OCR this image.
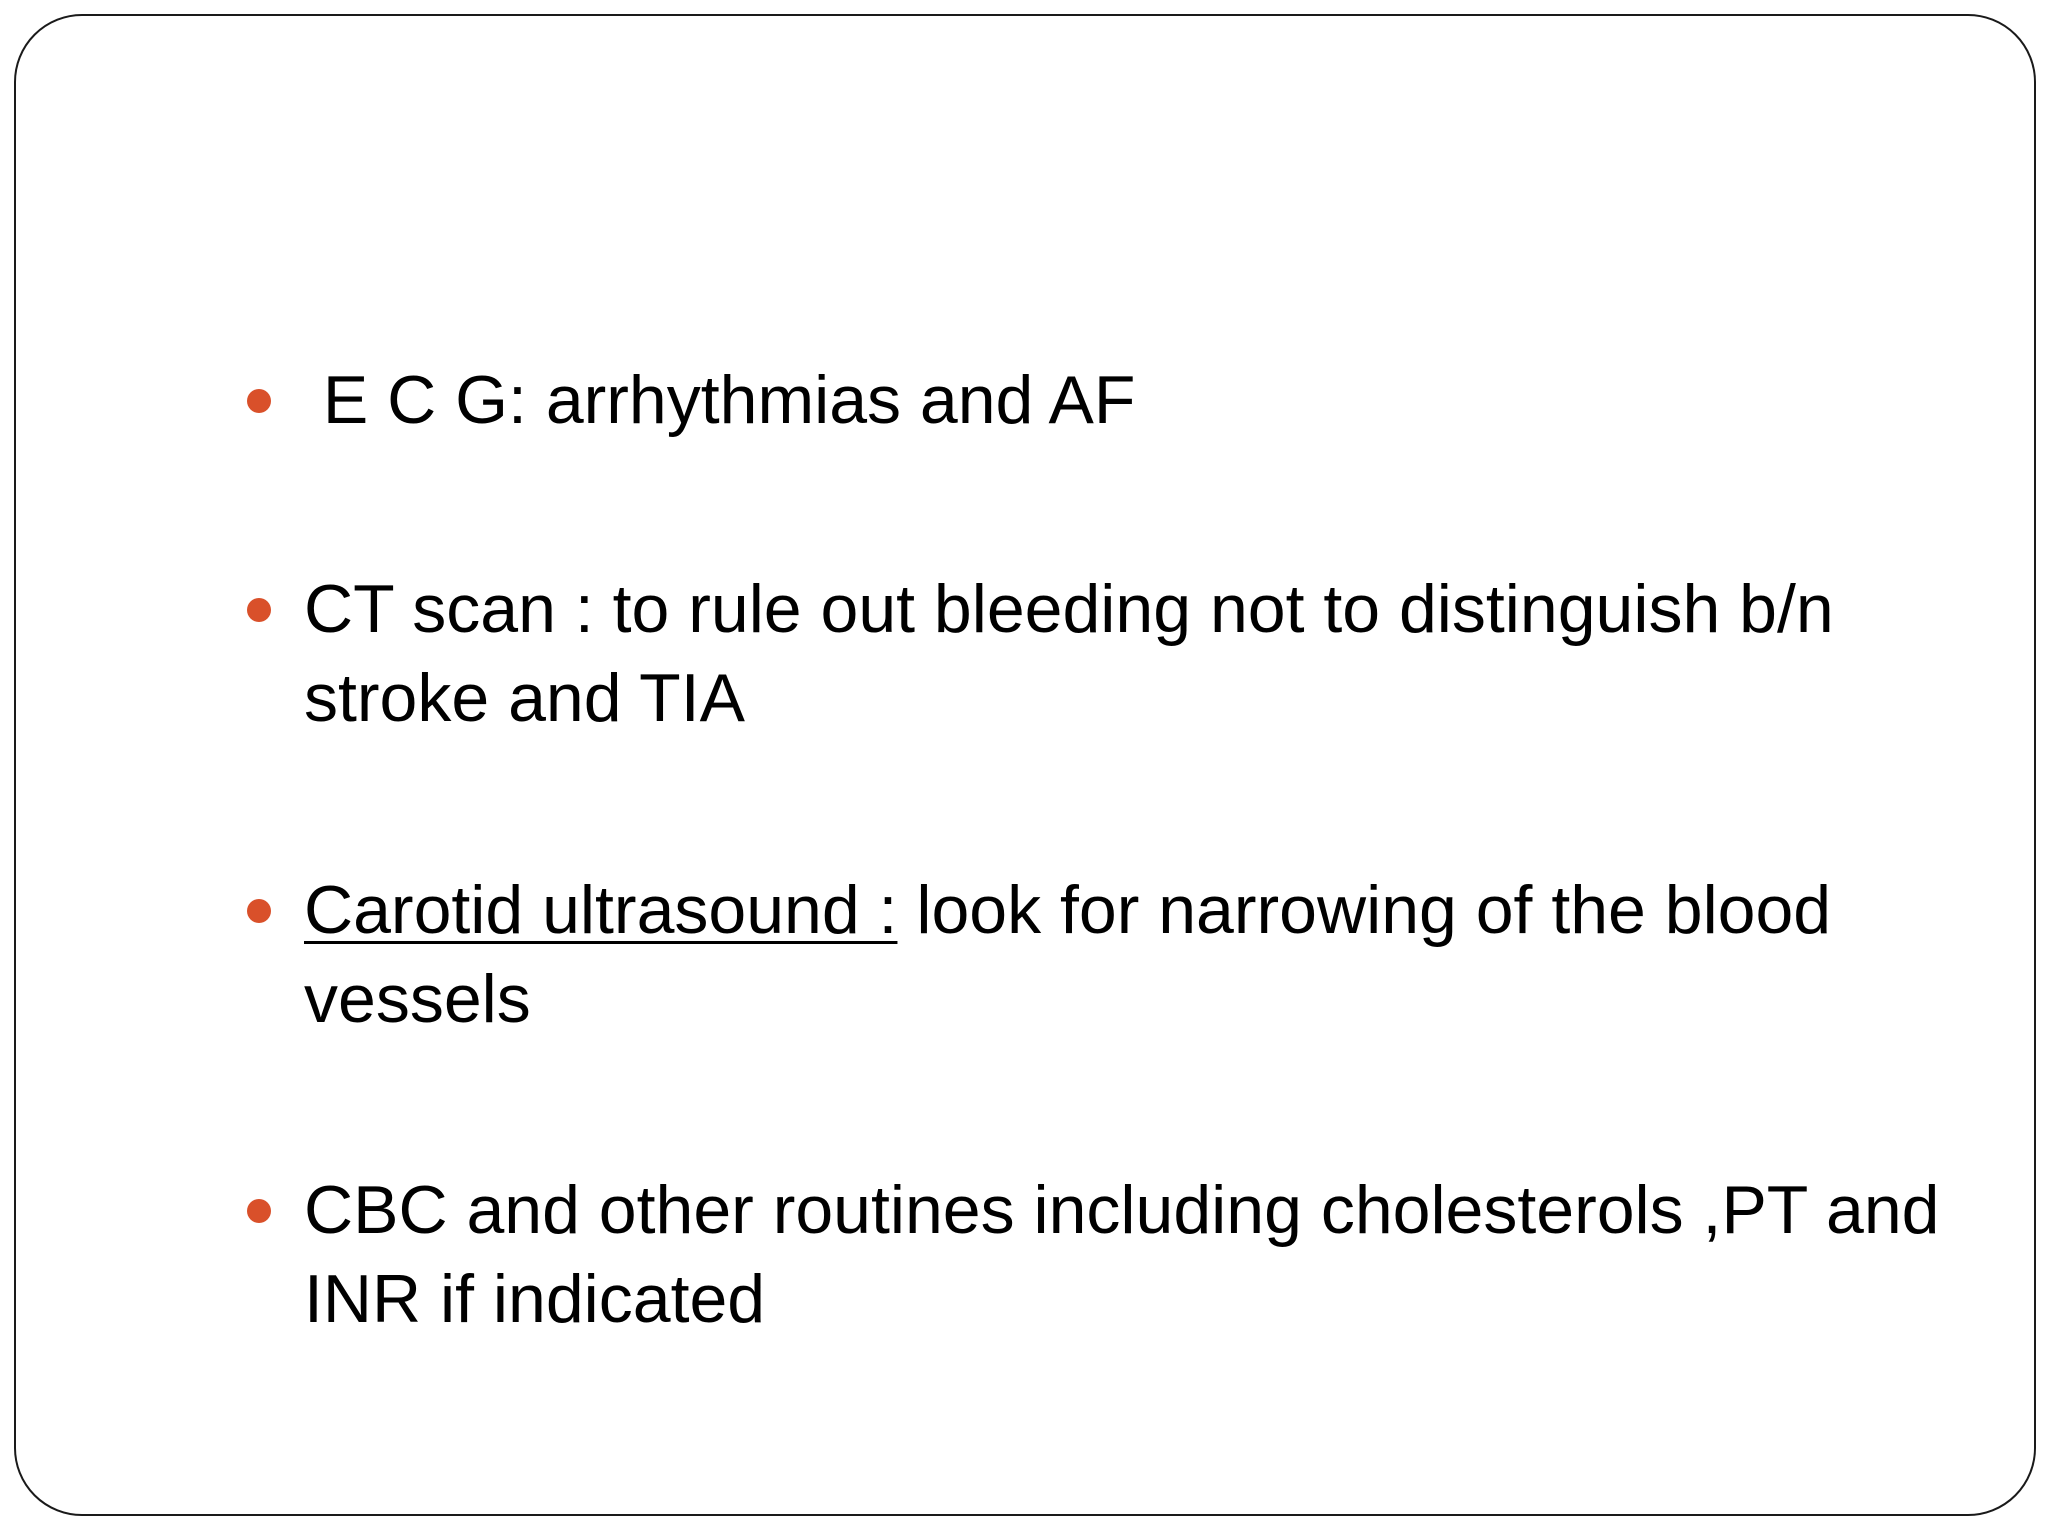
E C G: arrhythmias and AF
CT scan : to rule out bleeding not to distinguish b/n stroke and TIA
Carotid ultrasound : look for narrowing of the blood vessels
CBC and other routines including cholesterols ,PT and INR if indicated
